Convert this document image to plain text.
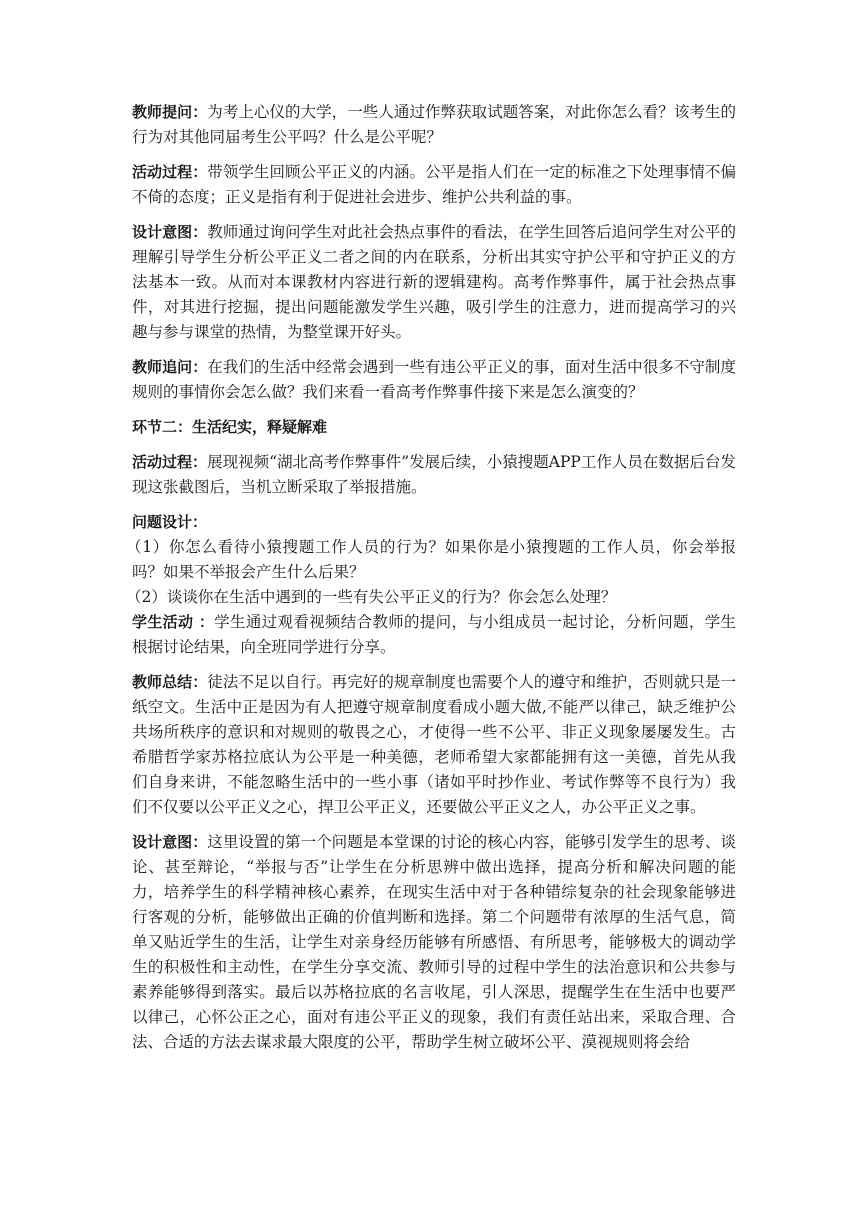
教师提问：为考上心仪的大学，一些人通过作弊获取试题答案，对此你怎么看？该考生的行为对其他同届考生公平吗？什么是公平呢？

活动过程：带领学生回顾公平正义的内涵。公平是指人们在一定的标准之下处理事情不偏不倚的态度；正义是指有利于促进社会进步、维护公共利益的事。

设计意图：教师通过询问学生对此社会热点事件的看法，在学生回答后追问学生对公平的理解引导学生分析公平正义二者之间的内在联系，分析出其实守护公平和守护正义的方法基本一致。从而对本课教材内容进行新的逻辑建构。高考作弊事件，属于社会热点事件，对其进行挖掘，提出问题能激发学生兴趣，吸引学生的注意力，进而提高学习的兴趣与参与课堂的热情，为整堂课开好头。

教师追问：在我们的生活中经常会遇到一些有违公平正义的事，面对生活中很多不守制度规则的事情你会怎么做？我们来看一看高考作弊事件接下来是怎么演变的？

环节二：生活纪实，释疑解难

活动过程：展现视频“湖北高考作弊事件”发展后续，小猿搜题APP工作人员在数据后台发现这张截图后，当机立断采取了举报措施。

问题设计：
（1）你怎么看待小猿搜题工作人员的行为？如果你是小猿搜题的工作人员，你会举报吗？如果不举报会产生什么后果？
（2）谈谈你在生活中遇到的一些有失公平正义的行为？你会怎么处理？

学生活动 ：学生通过观看视频结合教师的提问，与小组成员一起讨论，分析问题，学生根据讨论结果，向全班同学进行分享。

教师总结：徒法不足以自行。再完好的规章制度也需要个人的遵守和维护，否则就只是一纸空文。生活中正是因为有人把遵守规章制度看成小题大做,不能严以律己，缺乏维护公共场所秩序的意识和对规则的敬畏之心，才使得一些不公平、非正义现象屡屡发生。古希腊哲学家苏格拉底认为公平是一种美德，老师希望大家都能拥有这一美德，首先从我们自身来讲，不能忽略生活中的一些小事（诸如平时抄作业、考试作弊等不良行为）我们不仅要以公平正义之心，捍卫公平正义，还要做公平正义之人，办公平正义之事。

设计意图：这里设置的第一个问题是本堂课的讨论的核心内容，能够引发学生的思考、谈论、甚至辩论，“举报与否”让学生在分析思辨中做出选择，提高分析和解决问题的能力，培养学生的科学精神核心素养，在现实生活中对于各种错综复杂的社会现象能够进行客观的分析，能够做出正确的价值判断和选择。第二个问题带有浓厚的生活气息，简单又贴近学生的生活，让学生对亲身经历能够有所感悟、有所思考，能够极大的调动学生的积极性和主动性，在学生分享交流、教师引导的过程中学生的法治意识和公共参与素养能够得到落实。最后以苏格拉底的名言收尾，引人深思，提醒学生在生活中也要严以律己，心怀公正之心，面对有违公平正义的现象，我们有责任站出来，采取合理、合法、合适的方法去谋求最大限度的公平，帮助学生树立破坏公平、漠视规则将会给
